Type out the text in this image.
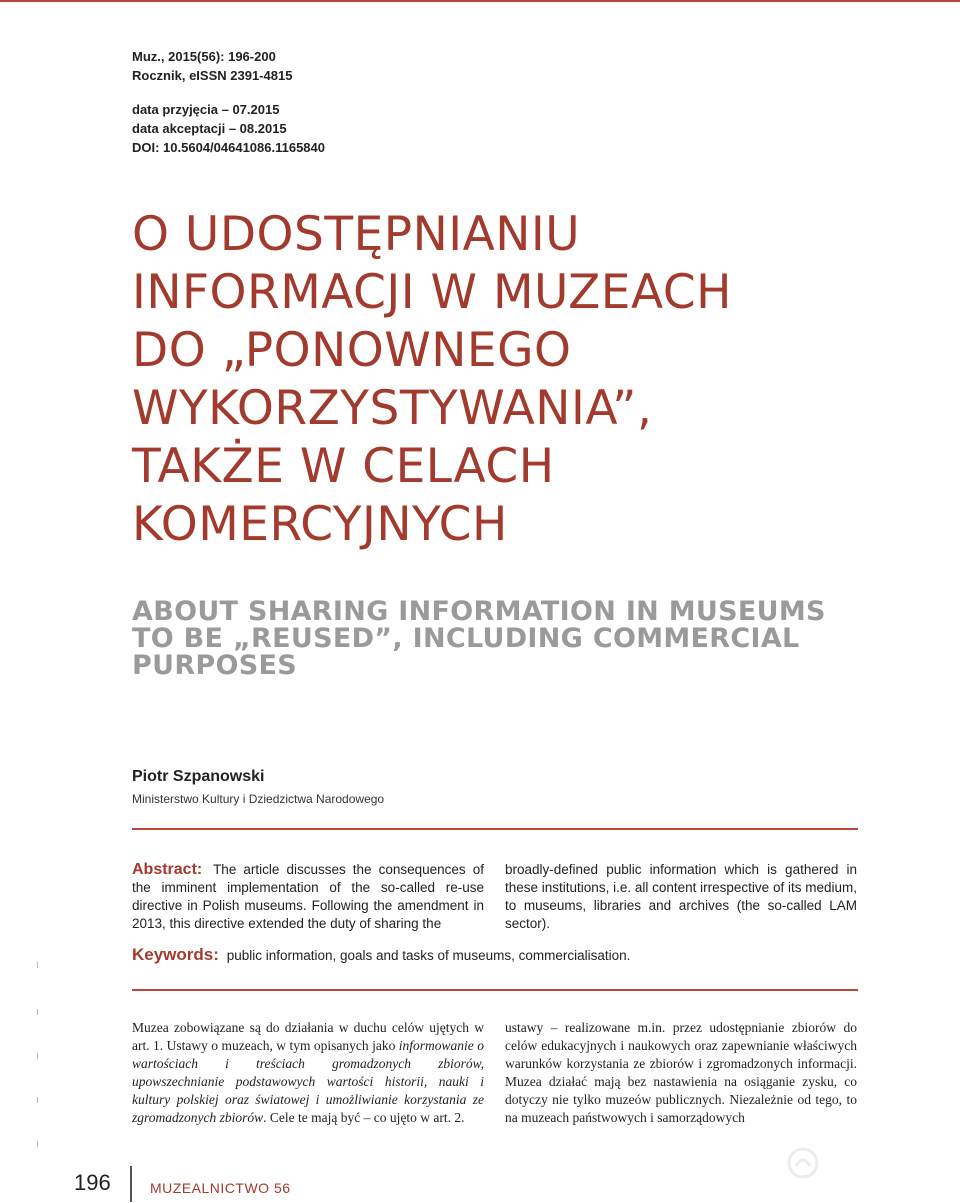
Muz., 2015(56): 196-200
Rocznik, eISSN 2391-4815
data przyjęcia – 07.2015
data akceptacji – 08.2015
DOI: 10.5604/04641086.1165840
O UDOSTĘPNIANIU
INFORMACJI W MUZEACH
DO „PONOWNEGO
WYKORZYSTYWANIA”,
TAKŻE W CELACH
KOMERCYJNYCH
ABOUT SHARING INFORMATION IN MUSEUMS
TO BE „REUSED”, INCLUDING COMMERCIAL
PURPOSES
Piotr Szpanowski
Ministerstwo Kultury i Dziedzictwa Narodowego
Abstract: The article discusses the consequences of the imminent implementation of the so-called re-use directive in Polish museums. Following the amendment in 2013, this directive extended the duty of sharing the
broadly-defined public information which is gathered in these institutions, i.e. all content irrespective of its medium, to museums, libraries and archives (the so-called LAM sector).
Keywords: public information, goals and tasks of museums, commercialisation.
Muzea zobowiązane są do działania w duchu celów ujętych w art. 1. Ustawy o muzeach, w tym opisanych jako informowanie o wartościach i treściach gromadzonych zbiorów, upowszechnianie podstawowych wartości historii, nauki i kultury polskiej oraz światowej i umożliwianie korzystania ze zgromadzonych zbiorów. Cele te mają być – co ujęto w art. 2.
ustawy – realizowane m.in. przez udostępnianie zbiorów do celów edukacyjnych i naukowych oraz zapewnianie właściwych warunków korzystania ze zbiorów i zgromadzonych informacji. Muzea działać mają bez nastawienia na osiąganie zysku, co dotyczy nie tylko muzeów publicznych. Niezależnie od tego, to na muzeach państwowych i samorządowych
196	MUZEALNICTWO 56
